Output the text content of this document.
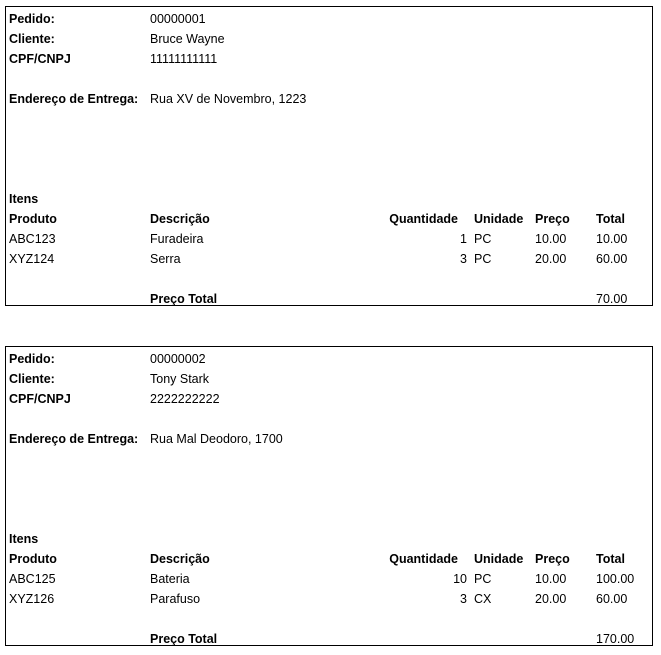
Pedido:	00000001
Cliente:	Bruce Wayne
CPF/CNPJ	11111111111
Endereço de Entrega: Rua XV de Novembro, 1223
Itens
Produto	Descrição	Quantidade Unidade Preço Total
ABC123	Furadeira	1 PC	10.00 10.00
XYZ124	Serra	3 PC	20.00 60.00
Preço Total	70.00
Pedido:	00000002
Cliente:	Tony Stark
CPF/CNPJ	2222222222
Endereço de Entrega: Rua Mal Deodoro, 1700
Itens
Produto	Descrição	Quantidade Unidade Preço Total
ABC125	Bateria	10 PC	10.00 100.00
XYZ126	Parafuso	3 CX	20.00 60.00
Preço Total	170.00
